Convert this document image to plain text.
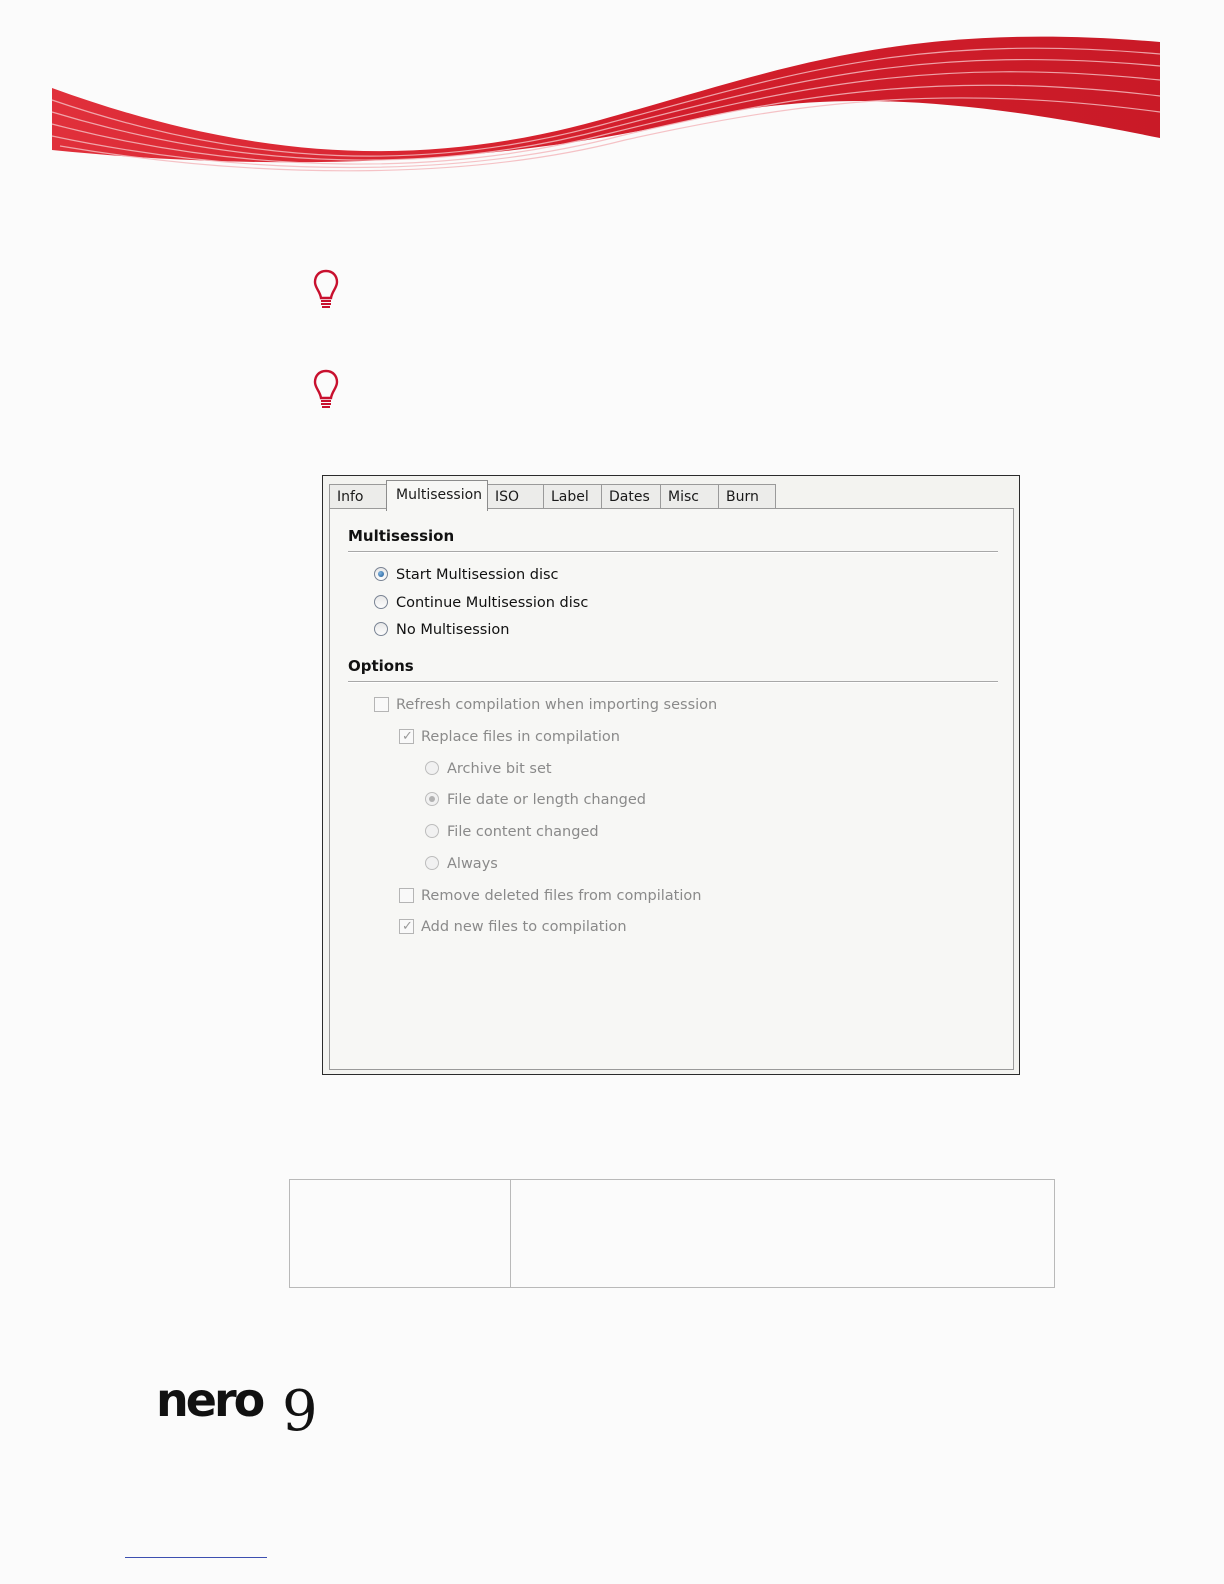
Info	Multisession ISO	Label	Dates	Misc	Burn
Multisession
Start Multisession disc
Continue Multisession disc
No Multisession
Options
Refresh compilation when importing session
✓
Replace files in compilation
Archive bit set
File date or length changed
File content changed
Always
Remove deleted files from compilation
✓
Add new files to compilation
nero 9
